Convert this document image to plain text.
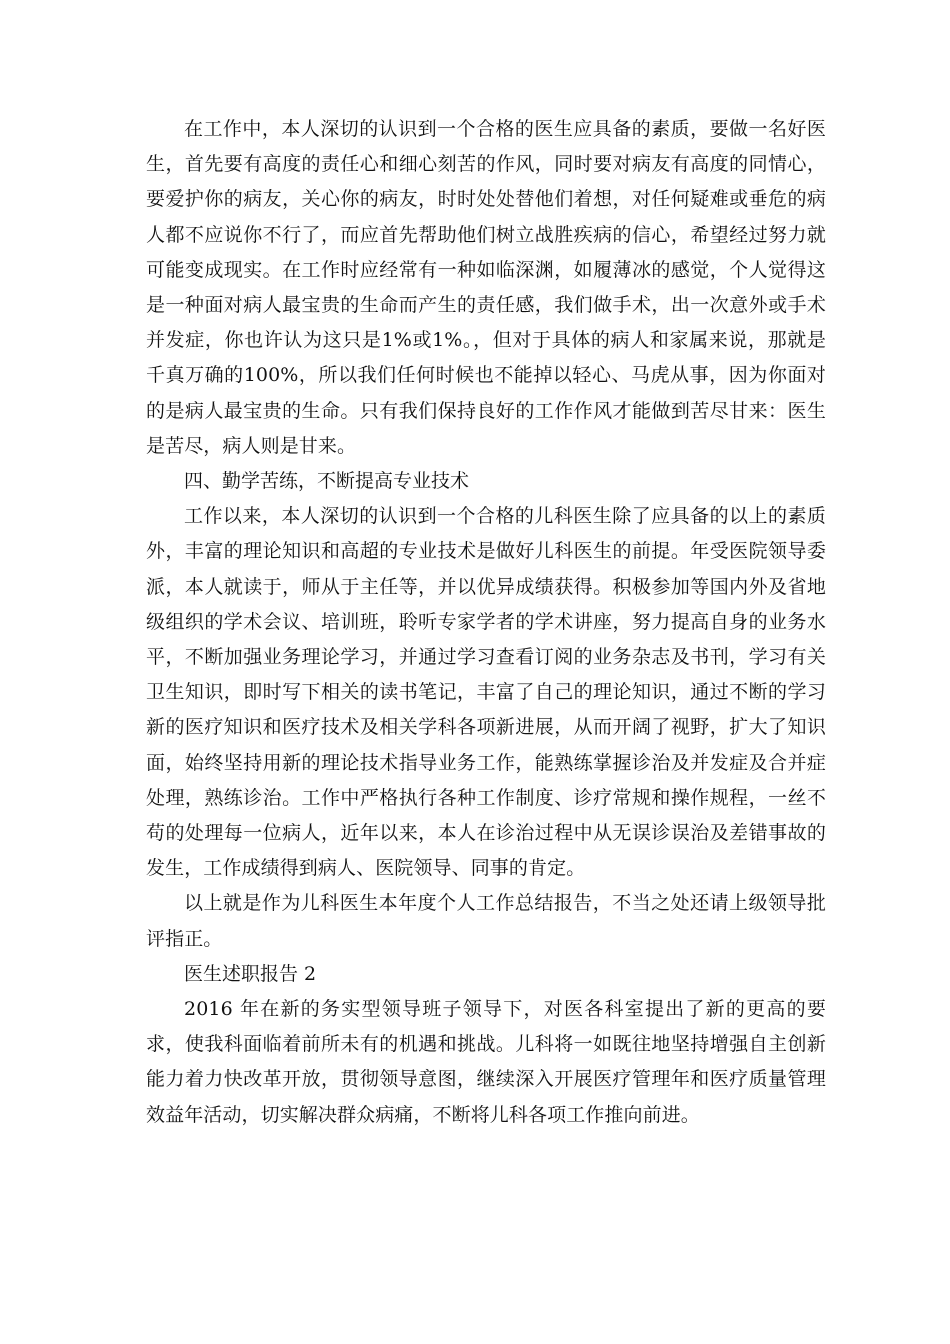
在工作中，本人深切的认识到一个合格的医生应具备的素质，要做一名好医生，首先要有高度的责任心和细心刻苦的作风，同时要对病友有高度的同情心，要爱护你的病友，关心你的病友，时时处处替他们着想，对任何疑难或垂危的病人都不应说你不行了，而应首先帮助他们树立战胜疾病的信心，希望经过努力就可能变成现实。在工作时应经常有一种如临深渊，如履薄冰的感觉，个人觉得这是一种面对病人最宝贵的生命而产生的责任感，我们做手术，出一次意外或手术并发症，你也许认为这只是1%或1%。，但对于具体的病人和家属来说，那就是千真万确的100%，所以我们任何时候也不能掉以轻心、马虎从事，因为你面对的是病人最宝贵的生命。只有我们保持良好的工作作风才能做到苦尽甘来：医生是苦尽，病人则是甘来。

四、勤学苦练，不断提高专业技术

工作以来，本人深切的认识到一个合格的儿科医生除了应具备的以上的素质外，丰富的理论知识和高超的专业技术是做好儿科医生的前提。年受医院领导委派，本人就读于，师从于主任等，并以优异成绩获得。积极参加等国内外及省地级组织的学术会议、培训班，聆听专家学者的学术讲座，努力提高自身的业务水平，不断加强业务理论学习，并通过学习查看订阅的业务杂志及书刊，学习有关卫生知识，即时写下相关的读书笔记，丰富了自己的理论知识，通过不断的学习新的医疗知识和医疗技术及相关学科各项新进展，从而开阔了视野，扩大了知识面，始终坚持用新的理论技术指导业务工作，能熟练掌握诊治及并发症及合并症处理，熟练诊治。工作中严格执行各种工作制度、诊疗常规和操作规程，一丝不苟的处理每一位病人，近年以来，本人在诊治过程中从无误诊误治及差错事故的发生，工作成绩得到病人、医院领导、同事的肯定。

以上就是作为儿科医生本年度个人工作总结报告，不当之处还请上级领导批评指正。

医生述职报告 2

2016 年在新的务实型领导班子领导下，对医各科室提出了新的更高的要求，使我科面临着前所未有的机遇和挑战。儿科将一如既往地坚持增强自主创新能力着力快改革开放，贯彻领导意图，继续深入开展医疗管理年和医疗质量管理效益年活动，切实解决群众病痛，不断将儿科各项工作推向前进。
